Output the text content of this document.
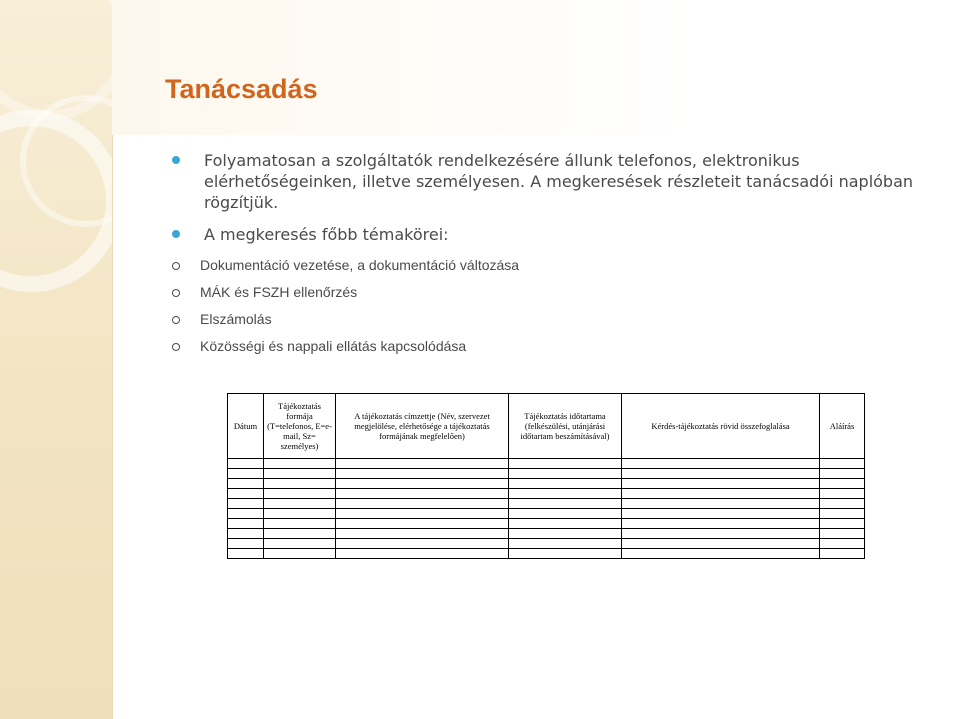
Tanácsadás
Folyamatosan a szolgáltatók rendelkezésére állunk telefonos, elektronikus elérhetőségeinken, illetve személyesen. A megkeresések részleteit tanácsadói naplóban rögzítjük.
A megkeresés főbb témakörei:
Dokumentáció vezetése, a dokumentáció változása
MÁK és FSZH ellenőrzés
Elszámolás
Közösségi és nappali ellátás kapcsolódása
Dátum	Tájékoztatás formája (T=telefonos, E=e-mail, Sz= személyes)	A tájékoztatás címzettje (Név, szervezet megjelölése, elérhetősége a tájékoztatás formájának megfelelően)	Tájékoztatás időtartama (felkészülési, utánjárási időtartam beszámításával)	Kérdés-tájékoztatás rövid összefoglalása	Aláírás
